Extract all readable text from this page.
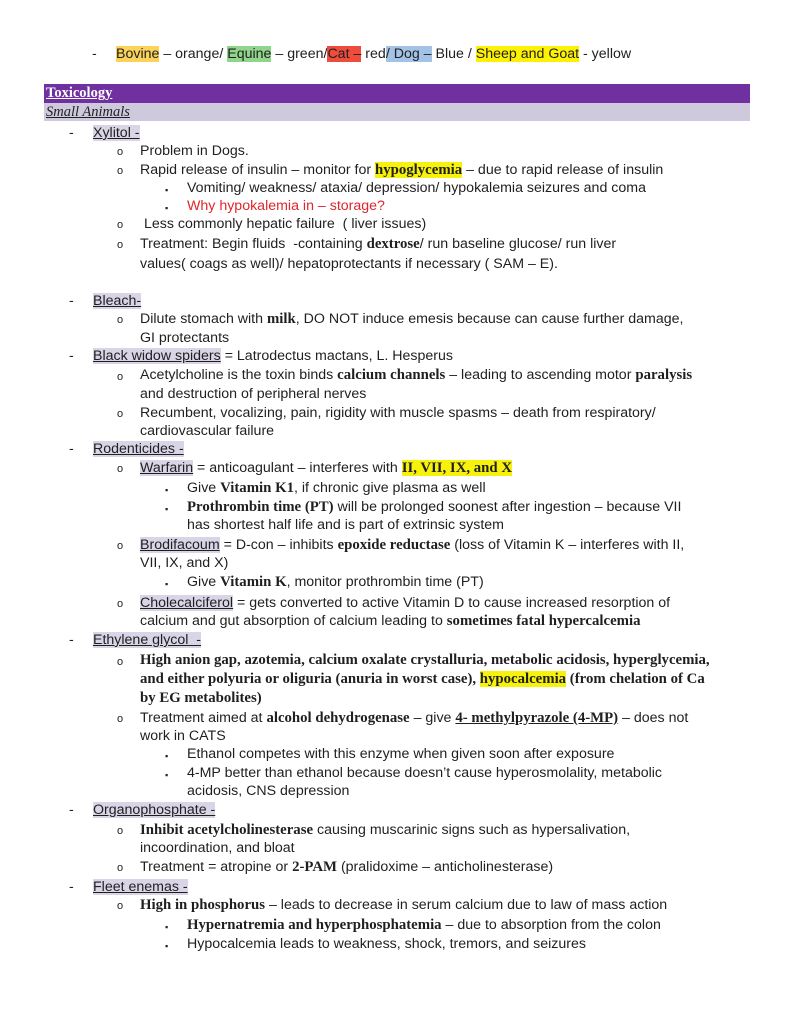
- Bovine – orange/ Equine – green/Cat – red/ Dog – Blue / Sheep and Goat - yellow
Toxicology
Small Animals
- Xylitol -
o Problem in Dogs.
o Rapid release of insulin – monitor for hypoglycemia – due to rapid release of insulin
▪ Vomiting/ weakness/ ataxia/ depression/ hypokalemia seizures and coma
▪ Why hypokalemia in – storage?
o Less commonly hepatic failure  ( liver issues)
o Treatment: Begin fluids  -containing dextrose/ run baseline glucose/ run liver
values( coags as well)/ hepatoprotectants if necessary ( SAM – E).
- Bleach-
o Dilute stomach with milk, DO NOT induce emesis because can cause further damage,
GI protectants
- Black widow spiders = Latrodectus mactans, L. Hesperus
o Acetylcholine is the toxin binds calcium channels – leading to ascending motor paralysis
and destruction of peripheral nerves
o Recumbent, vocalizing, pain, rigidity with muscle spasms – death from respiratory/
cardiovascular failure
- Rodenticides -
o Warfarin = anticoagulant – interferes with II, VII, IX, and X
▪ Give Vitamin K1, if chronic give plasma as well
▪ Prothrombin time (PT) will be prolonged soonest after ingestion – because VII
has shortest half life and is part of extrinsic system
o Brodifacoum = D-con – inhibits epoxide reductase (loss of Vitamin K – interferes with II,
VII, IX, and X)
▪ Give Vitamin K, monitor prothrombin time (PT)
o Cholecalciferol = gets converted to active Vitamin D to cause increased resorption of
calcium and gut absorption of calcium leading to sometimes fatal hypercalcemia
- Ethylene glycol  -
o High anion gap, azotemia, calcium oxalate crystalluria, metabolic acidosis, hyperglycemia,
and either polyuria or oliguria (anuria in worst case), hypocalcemia (from chelation of Ca
by EG metabolites)
o Treatment aimed at alcohol dehydrogenase – give 4- methylpyrazole (4-MP) – does not
work in CATS
▪ Ethanol competes with this enzyme when given soon after exposure
▪ 4-MP better than ethanol because doesn’t cause hyperosmolality, metabolic
acidosis, CNS depression
- Organophosphate -
o Inhibit acetylcholinesterase causing muscarinic signs such as hypersalivation,
incoordination, and bloat
o Treatment = atropine or 2-PAM (pralidoxime – anticholinesterase)
- Fleet enemas -
o High in phosphorus – leads to decrease in serum calcium due to law of mass action
▪ Hypernatremia and hyperphosphatemia – due to absorption from the colon
▪ Hypocalcemia leads to weakness, shock, tremors, and seizures
